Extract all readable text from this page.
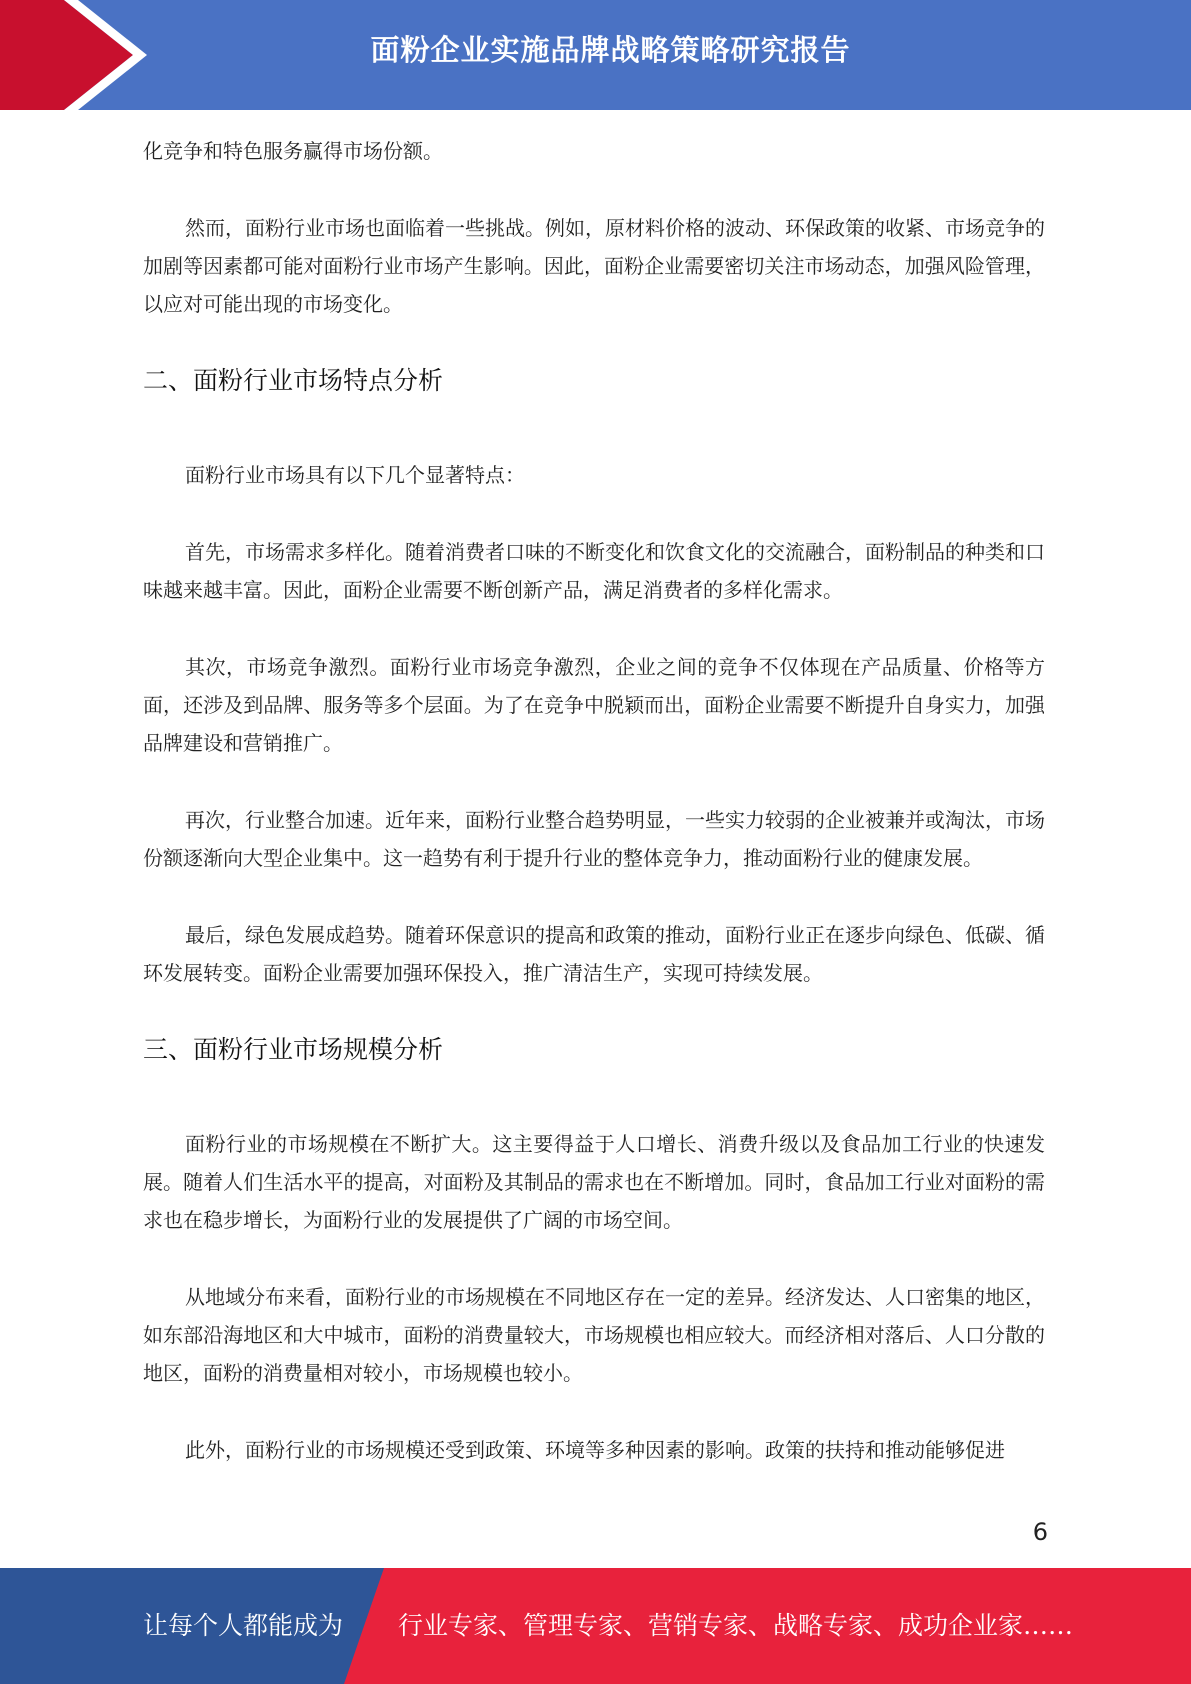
面粉企业实施品牌战略策略研究报告

化竞争和特色服务赢得市场份额。

然而，面粉行业市场也面临着一些挑战。例如，原材料价格的波动、环保政策的收紧、市场竞争的加剧等因素都可能对面粉行业市场产生影响。因此，面粉企业需要密切关注市场动态，加强风险管理，以应对可能出现的市场变化。

二、面粉行业市场特点分析

面粉行业市场具有以下几个显著特点：

首先，市场需求多样化。随着消费者口味的不断变化和饮食文化的交流融合，面粉制品的种类和口味越来越丰富。因此，面粉企业需要不断创新产品，满足消费者的多样化需求。

其次，市场竞争激烈。面粉行业市场竞争激烈，企业之间的竞争不仅体现在产品质量、价格等方面，还涉及到品牌、服务等多个层面。为了在竞争中脱颖而出，面粉企业需要不断提升自身实力，加强品牌建设和营销推广。

再次，行业整合加速。近年来，面粉行业整合趋势明显，一些实力较弱的企业被兼并或淘汰，市场份额逐渐向大型企业集中。这一趋势有利于提升行业的整体竞争力，推动面粉行业的健康发展。

最后，绿色发展成趋势。随着环保意识的提高和政策的推动，面粉行业正在逐步向绿色、低碳、循环发展转变。面粉企业需要加强环保投入，推广清洁生产，实现可持续发展。

三、面粉行业市场规模分析

面粉行业的市场规模在不断扩大。这主要得益于人口增长、消费升级以及食品加工行业的快速发展。随着人们生活水平的提高，对面粉及其制品的需求也在不断增加。同时，食品加工行业对面粉的需求也在稳步增长，为面粉行业的发展提供了广阔的市场空间。

从地域分布来看，面粉行业的市场规模在不同地区存在一定的差异。经济发达、人口密集的地区，如东部沿海地区和大中城市，面粉的消费量较大，市场规模也相应较大。而经济相对落后、人口分散的地区，面粉的消费量相对较小，市场规模也较小。

此外，面粉行业的市场规模还受到政策、环境等多种因素的影响。政策的扶持和推动能够促进

6
让每个人都能成为 行业专家、管理专家、营销专家、战略专家、成功企业家……
